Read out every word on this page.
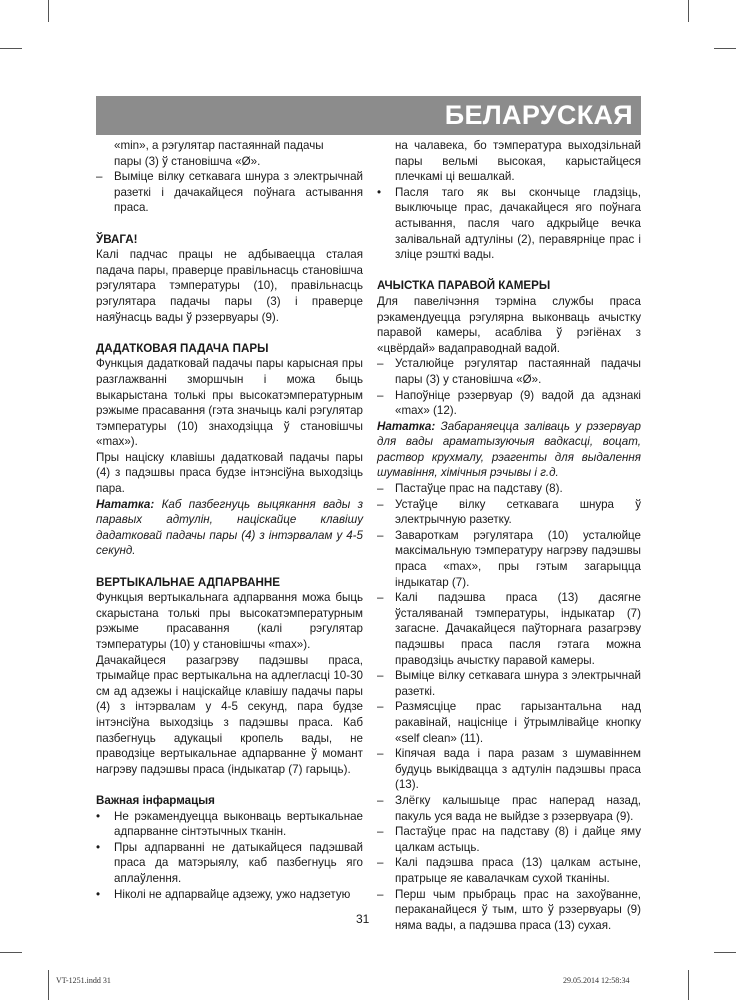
БЕЛАРУСКАЯ

«min», а рэгулятар пастаяннай падачы

пары (3) ў становішча «Ø».

– Выміце вілку сеткавага шнура з электрычнай разеткі і дачакайцеся поўнага астывання праса.

ЎВАГА!

Калі падчас працы не адбываецца сталая падача пары, праверце правільнасць становішча рэгулятара тэмпературы (10), правільнасць рэгулятара падачы пары (3) і праверце наяўнасць вады ў рэзервуары (9).

ДАДАТКОВАЯ ПАДАЧА ПАРЫ

Функцыя дадатковай падачы пары карысная пры разглажванні зморшчын і можа быць выкарыстана толькі пры высокатэмпературным рэжыме прасавання (гэта значыць калі рэгулятар тэмпературы (10) знаходзіцца ў становішчы «max»).

Пры націску клавішы дадатковай падачы пары (4) з падэшвы праса будзе інтэнсіўна выходзіць пара.

Нататка: Каб пазбегнуць выцякання вады з паравых адтулін, націскайце клавішу дадатковай падачы пары (4) з інтэрвалам у 4-5 секунд.

ВЕРТЫКАЛЬНАЕ АДПАРВАННЕ

Функцыя вертыкальнага адпарвання можа быць скарыстана толькі пры высокатэмпературным рэжыме прасавання (калі рэгулятар тэмпературы (10) у становішчы «max»).

Дачакайцеся разагрэву падэшвы праса, трымайце прас вертыкальна на адлегласці 10-30 см ад адзежы і націскайце клавішу падачы пары (4) з інтэрвалам у 4-5 секунд, пара будзе інтэнсіўна выходзіць з падэшвы праса. Каб пазбегнуць адукацыі кропель вады, не праводзіце вертыкальнае адпарванне ў момант нагрэву падэшвы праса (індыкатар (7) гарыць).

Важная інфармацыя

•	Не рэкамендуецца выконваць вертыкальнае адпарванне сінтэтычных тканін.
•	Пры адпарванні не датыкайцеся падэшвай праса да матэрыялу, каб пазбегнуць яго аплаўлення.
•	Ніколі не адпарвайце адзежу, ужо надзетую

на чалавека, бо тэмпература выходзільнай пары вельмі высокая, карыстайцеся плечкамі ці вешалкай.

•	Пасля таго як вы скончыце гладзіць, выключыце прас, дачакайцеся яго поўнага астывання, пасля чаго адкрыйце вечка залівальнай адтуліны (2), перавярніце прас і зліце рэшткі вады.

АЧЫСТКА ПАРАВОЙ КАМЕРЫ

Для павелічэння тэрміна службы праса рэкамендуецца рэгулярна выконваць ачыстку паравой камеры, асабліва ў рэгіёнах з «цвёрдай» вадаправоднай вадой.

– Усталюйце рэгулятар пастаяннай падачы пары (3) у становішча «Ø».
– Напоўніце рэзервуар (9) вадой да адзнакі «max» (12).

Нататка: Забараняецца заліваць у рэзервуар для вады араматызуючыя вадкасці, воцат, раствор крухмалу, рэагенты для выдалення шумавіння, хімічныя рэчывы і г.д.

– Пастаўце прас на падставу (8).
– Устаўце вілку сеткавага шнура ў электрычную разетку.
– Завароткам рэгулятара (10) усталюйце максімальную тэмпературу нагрэву падэшвы праса «max», пры гэтым загарыцца індыкатар (7).
– Калі падэшва праса (13) дасягне ўсталяванай тэмпературы, індыкатар (7) загасне. Дачакайцеся паўторнага разагрэву падэшвы праса пасля гэтага можна праводзіць ачыстку паравой камеры.
– Выміце вілку сеткавага шнура з электрычнай разеткі.
– Размясціце прас гарызантальна над ракавінай, націсніце і ўтрымлівайце кнопку «self clean» (11).
– Кіпячая вада і пара разам з шумавіннем будуць выкідвацца з адтулін падэшвы праса (13).
– Злёгку калышыце прас наперад назад, пакуль уся вада не выйдзе з рэзервуара (9).
– Пастаўце прас на падставу (8) і дайце яму цалкам астыць.
– Калі падэшва праса (13) цалкам астыне, пратрыце яе кавалачкам сухой тканіны.
– Перш чым прыбраць прас на захоўванне, пераканайцеся ў тым, што ў рэзервуары (9) няма вады, а падэшва праса (13) сухая.
31
VT-1251.indd 31	29.05.2014 12:58:34
